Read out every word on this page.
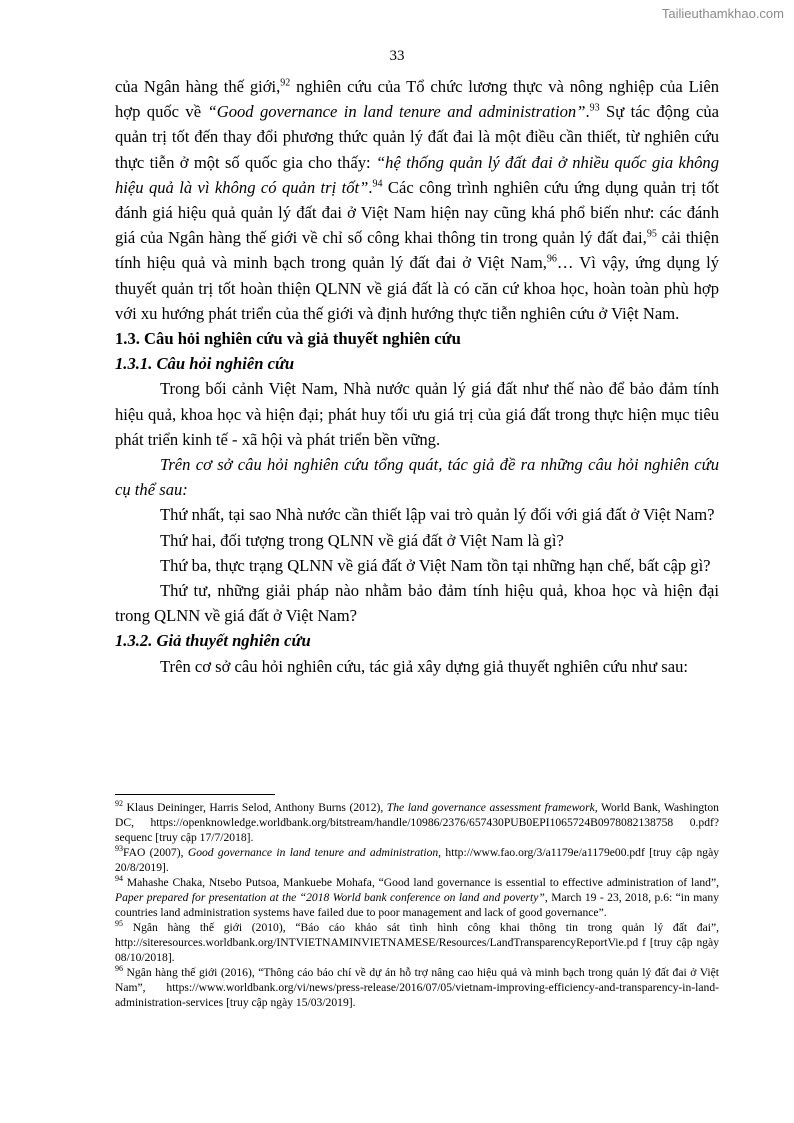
Tailieuthamkhao.com
33

của Ngân hàng thế giới,$^{92}$ nghiên cứu của Tổ chức lương thực và nông nghiệp của Liên hợp quốc về “Good governance in land tenure and administration”.$^{93}$ Sự tác động của quản trị tốt đến thay đổi phương thức quản lý đất đai là một điều cần thiết, từ nghiên cứu thực tiễn ở một số quốc gia cho thấy: “hệ thống quản lý đất đai ở nhiều quốc gia không hiệu quả là vì không có quản trị tốt”.$^{94}$ Các công trình nghiên cứu ứng dụng quản trị tốt đánh giá hiệu quả quản lý đất đai ở Việt Nam hiện nay cũng khá phổ biến như: các đánh giá của Ngân hàng thế giới về chỉ số công khai thông tin trong quản lý đất đai,$^{95}$ cải thiện tính hiệu quả và minh bạch trong quản lý đất đai ở Việt Nam,$^{96}$… Vì vậy, ứng dụng lý thuyết quản trị tốt hoàn thiện QLNN về giá đất là có căn cứ khoa học, hoàn toàn phù hợp với xu hướng phát triển của thế giới và định hướng thực tiễn nghiên cứu ở Việt Nam.

1.3. Câu hỏi nghiên cứu và giả thuyết nghiên cứu

1.3.1. Câu hỏi nghiên cứu

Trong bối cảnh Việt Nam, Nhà nước quản lý giá đất như thế nào để bảo đảm tính hiệu quả, khoa học và hiện đại; phát huy tối ưu giá trị của giá đất trong thực hiện mục tiêu phát triển kinh tế - xã hội và phát triển bền vững.

Trên cơ sở câu hỏi nghiên cứu tổng quát, tác giả đề ra những câu hỏi nghiên cứu cụ thể sau:

Thứ nhất, tại sao Nhà nước cần thiết lập vai trò quản lý đối với giá đất ở Việt Nam?

Thứ hai, đối tượng trong QLNN về giá đất ở Việt Nam là gì?

Thứ ba, thực trạng QLNN về giá đất ở Việt Nam tồn tại những hạn chế, bất cập gì?

Thứ tư, những giải pháp nào nhằm bảo đảm tính hiệu quả, khoa học và hiện đại trong QLNN về giá đất ở Việt Nam?

1.3.2. Giả thuyết nghiên cứu

Trên cơ sở câu hỏi nghiên cứu, tác giả xây dựng giả thuyết nghiên cứu như sau:

$^{92}$ Klaus Deininger, Harris Selod, Anthony Burns (2012), The land governance assessment framework, World Bank, Washington DC, https://openknowledge.worldbank.org/bitstream/handle/10986/2376/657430PUB0EPI1065724B0978082138758 0.pdf?sequenc [truy cập 17/7/2018].

$^{93}$FAO (2007), Good governance in land tenure and administration, http://www.fao.org/3/a1179e/a1179e00.pdf [truy cập ngày 20/8/2019].

$^{94}$ Mahashe Chaka, Ntsebo Putsoa, Mankuebe Mohafa, “Good land governance is essential to effective administration of land”, Paper prepared for presentation at the “2018 World bank conference on land and poverty”, March 19 - 23, 2018, p.6: “in many countries land administration systems have failed due to poor management and lack of good governance”.

$^{95}$ Ngân hàng thế giới (2010), “Báo cáo khảo sát tình hình công khai thông tin trong quản lý đất đai”, http://siteresources.worldbank.org/INTVIETNAMINVIETNAMESE/Resources/LandTransparencyReportVie.pd f [truy cập ngày 08/10/2018].

$^{96}$ Ngân hàng thế giới (2016), “Thông cáo báo chí về dự án hỗ trợ nâng cao hiệu quả và minh bạch trong quản lý đất đai ở Việt Nam”, https://www.worldbank.org/vi/news/press-release/2016/07/05/vietnam-improving-efficiency-and-transparency-in-land-administration-services [truy cập ngày 15/03/2019].
